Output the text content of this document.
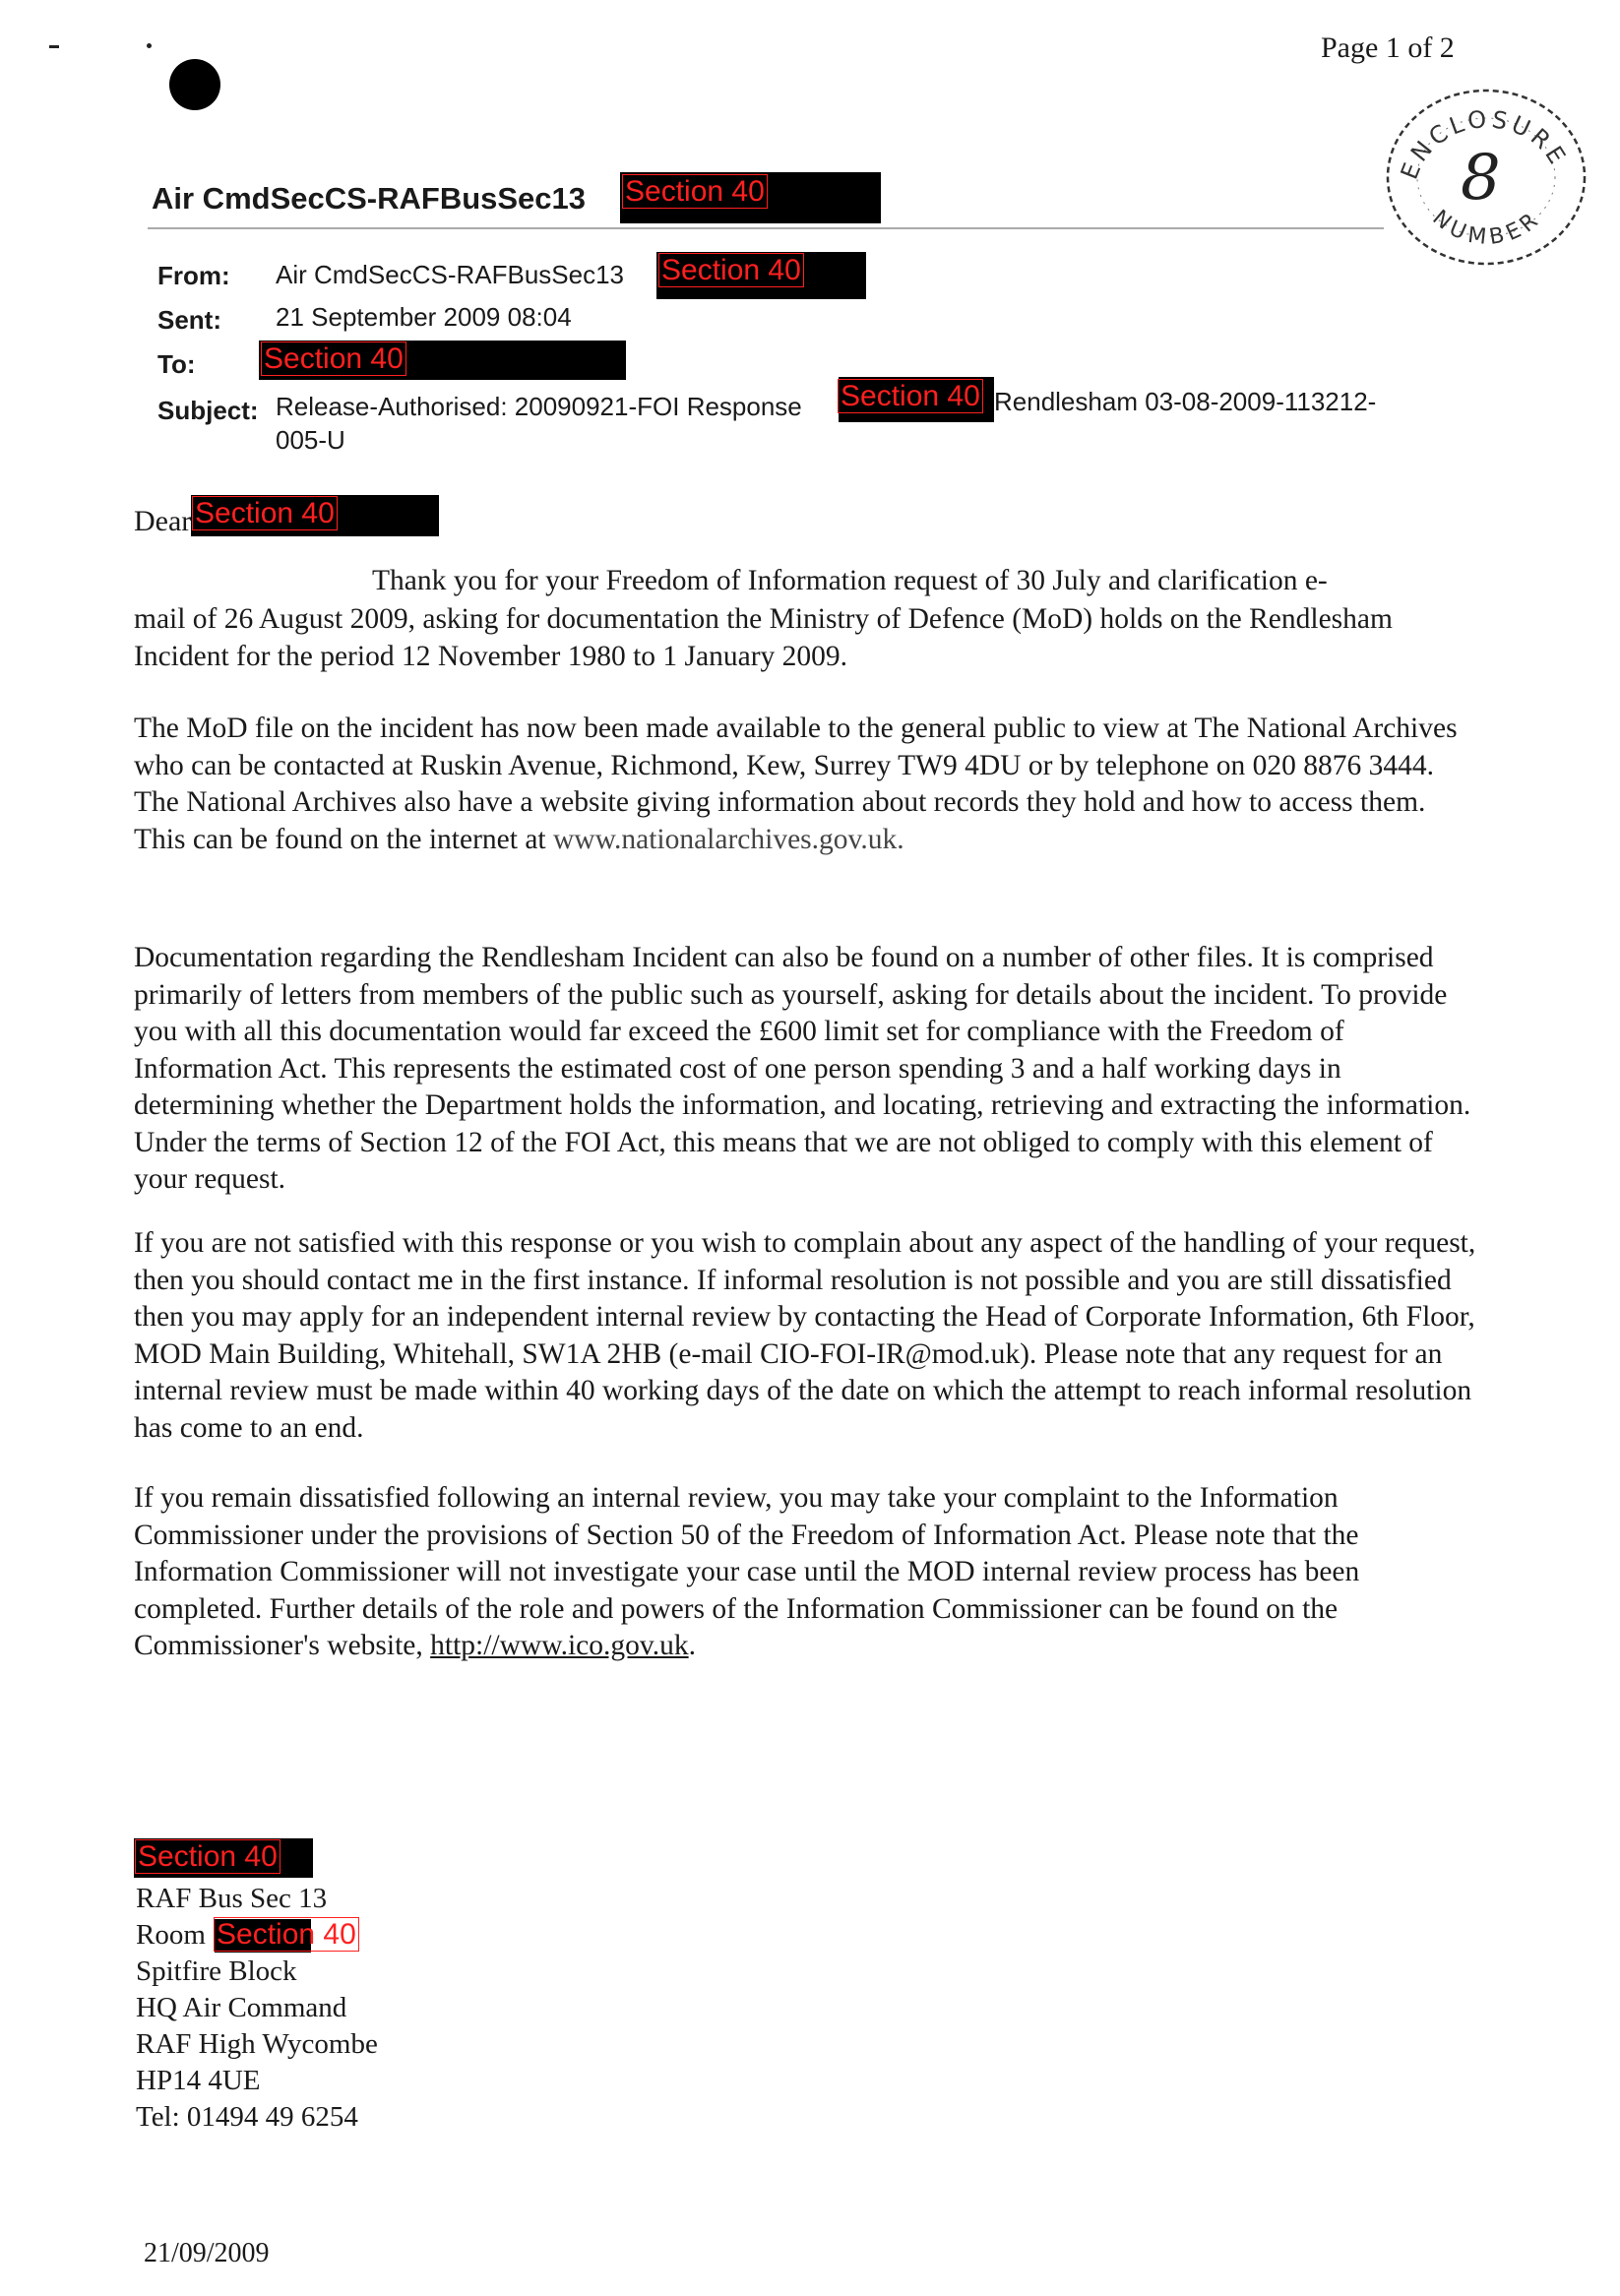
Page 1 of 2
ENCLOSURE
NUMBER
8
Air CmdSecCS-RAFBusSec13 Section 40
From: Air CmdSecCS-RAFBusSec13 Section 40
Sent: 21 September 2009 08:04
To: Section 40
Subject: Release-Authorised: 20090921-FOI Response Section 40 Rendlesham 03-08-2009-113212-
005-U
Dear Section 40
Thank you for your Freedom of Information request of 30 July and clarification e-
mail of 26 August 2009, asking for documentation the Ministry of Defence (MoD) holds on the Rendlesham Incident for the period 12 November 1980 to 1 January 2009.
The MoD file on the incident has now been made available to the general public to view at The National Archives who can be contacted at Ruskin Avenue, Richmond, Kew, Surrey TW9 4DU or by telephone on 020 8876 3444. The National Archives also have a website giving information about records they hold and how to access them. This can be found on the internet at www.nationalarchives.gov.uk.
Documentation regarding the Rendlesham Incident can also be found on a number of other files. It is comprised primarily of letters from members of the public such as yourself, asking for details about the incident. To provide you with all this documentation would far exceed the £600 limit set for compliance with the Freedom of Information Act. This represents the estimated cost of one person spending 3 and a half working days in determining whether the Department holds the information, and locating, retrieving and extracting the information. Under the terms of Section 12 of the FOI Act, this means that we are not obliged to comply with this element of your request.
If you are not satisfied with this response or you wish to complain about any aspect of the handling of your request, then you should contact me in the first instance. If informal resolution is not possible and you are still dissatisfied then you may apply for an independent internal review by contacting the Head of Corporate Information, 6th Floor, MOD Main Building, Whitehall, SW1A 2HB (e-mail CIO-FOI-IR@mod.uk). Please note that any request for an internal review must be made within 40 working days of the date on which the attempt to reach informal resolution has come to an end.
If you remain dissatisfied following an internal review, you may take your complaint to the Information Commissioner under the provisions of Section 50 of the Freedom of Information Act. Please note that the Information Commissioner will not investigate your case until the MOD internal review process has been completed. Further details of the role and powers of the Information Commissioner can be found on the Commissioner's website, http://www.ico.gov.uk.
Section 40
RAF Bus Sec 13
Room Section 40
Spitfire Block
HQ Air Command
RAF High Wycombe
HP14 4UE
Tel: 01494 49 6254
21/09/2009
